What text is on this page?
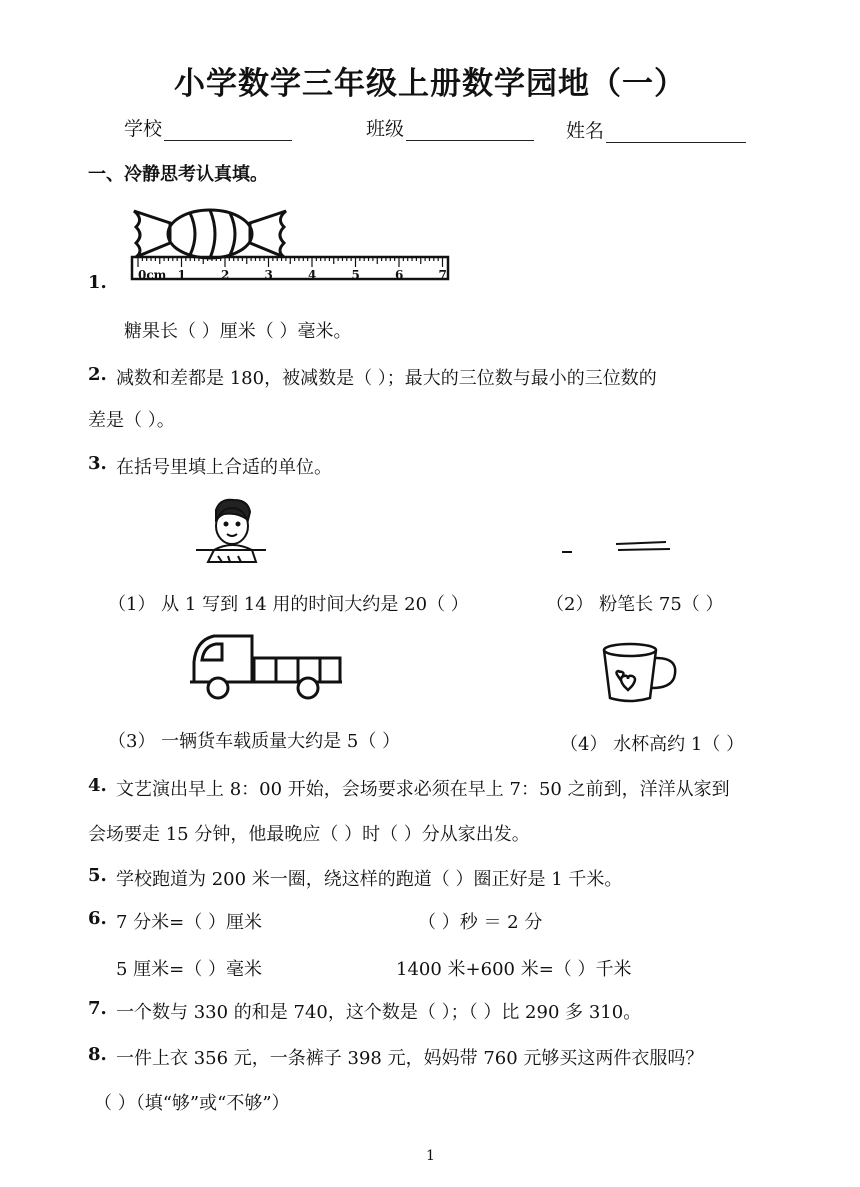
小学数学三年级上册数学园地（一）
学校	班级	姓名
一、冷静思考认真填。
0cm 1	2	3	4	5	6	7
1.
糖果长（ ）厘米（ ）毫米。
2. 减数和差都是 180，被减数是（ ）；最大的三位数与最小的三位数的
差是（ ）。
3. 在括号里填上合适的单位。
（1） 从 1 写到 14 用的时间大约是 20（ ）	（2） 粉笔长 75（ ）
（3） 一辆货车载质量大约是 5（ ）	（4） 水杯高约 1（ ）
4. 文艺演出早上 8：00 开始，会场要求必须在早上 7：50 之前到，洋洋从家到
会场要走 15 分钟，他最晚应（ ）时（ ）分从家出发。
5. 学校跑道为 200 米一圈，绕这样的跑道（ ）圈正好是 1 千米。
6. 7 分米=（ ）厘米	（ ）秒 ＝ 2 分
5 厘米=（ ）毫米	1400 米+600 米=（ ）千米
7. 一个数与 330 的和是 740，这个数是（ ）；（ ）比 290 多 310。
8. 一件上衣 356 元，一条裤子 398 元，妈妈带 760 元够买这两件衣服吗？
（ ）（填“够”或“不够”）
1
